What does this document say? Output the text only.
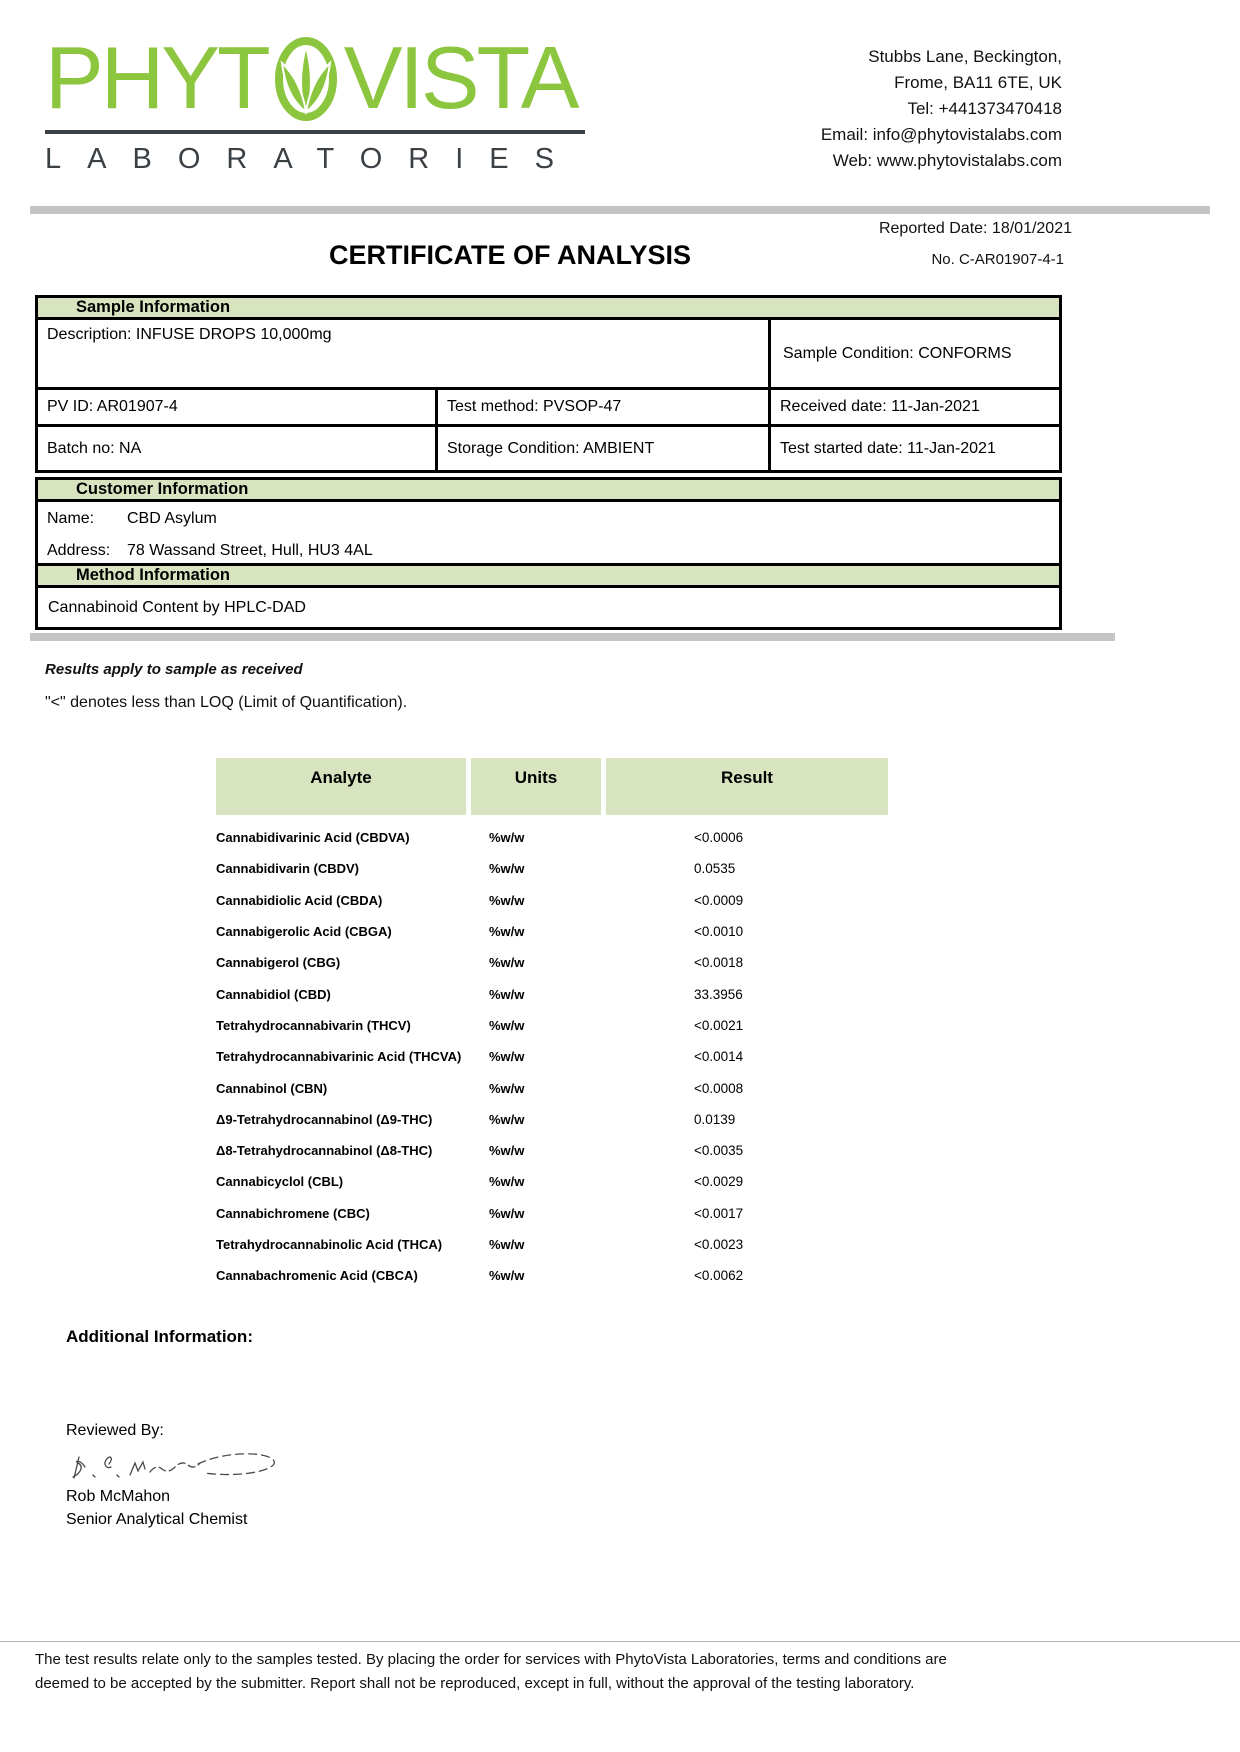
PHYT VISTA
LABORATORIES
Stubbs Lane, Beckington,
Frome, BA11 6TE, UK
Tel: +441373470418
Email: info@phytovistalabs.com
Web: www.phytovistalabs.com
Reported Date: 18/01/2021
No. C-AR01907-4-1
CERTIFICATE OF ANALYSIS
Sample Information
Description: INFUSE DROPS 10,000mg
Sample Condition: CONFORMS
PV ID: AR01907-4	Test method: PVSOP-47	Received date: 11-Jan-2021
Batch no: NA	Storage Condition: AMBIENT	Test started date: 11-Jan-2021
Customer Information
Name: CBD Asylum
Address: 78 Wassand Street, Hull, HU3 4AL
Method Information
Cannabinoid Content by HPLC-DAD
Results apply to sample as received
"<" denotes less than LOQ (Limit of Quantification).
Analyte	Units	Result
Cannabidivarinic Acid (CBDVA)	%w/w	<0.0006
Cannabidivarin (CBDV)	%w/w	0.0535
Cannabidiolic Acid (CBDA)	%w/w	<0.0009
Cannabigerolic Acid (CBGA)	%w/w	<0.0010
Cannabigerol (CBG)	%w/w	<0.0018
Cannabidiol (CBD)	%w/w	33.3956
Tetrahydrocannabivarin (THCV)	%w/w	<0.0021
Tetrahydrocannabivarinic Acid (THCVA)	%w/w	<0.0014
Cannabinol (CBN)	%w/w	<0.0008
Δ9-Tetrahydrocannabinol (Δ9-THC)	%w/w	0.0139
Δ8-Tetrahydrocannabinol (Δ8-THC)	%w/w	<0.0035
Cannabicyclol (CBL)	%w/w	<0.0029
Cannabichromene (CBC)	%w/w	<0.0017
Tetrahydrocannabinolic Acid (THCA)	%w/w	<0.0023
Cannabachromenic Acid (CBCA)	%w/w	<0.0062
Additional Information:
Reviewed By:
Rob McMahon
Senior Analytical Chemist
The test results relate only to the samples tested. By placing the order for services with PhytoVista Laboratories, terms and conditions are
deemed to be accepted by the submitter. Report shall not be reproduced, except in full, without the approval of the testing laboratory.
